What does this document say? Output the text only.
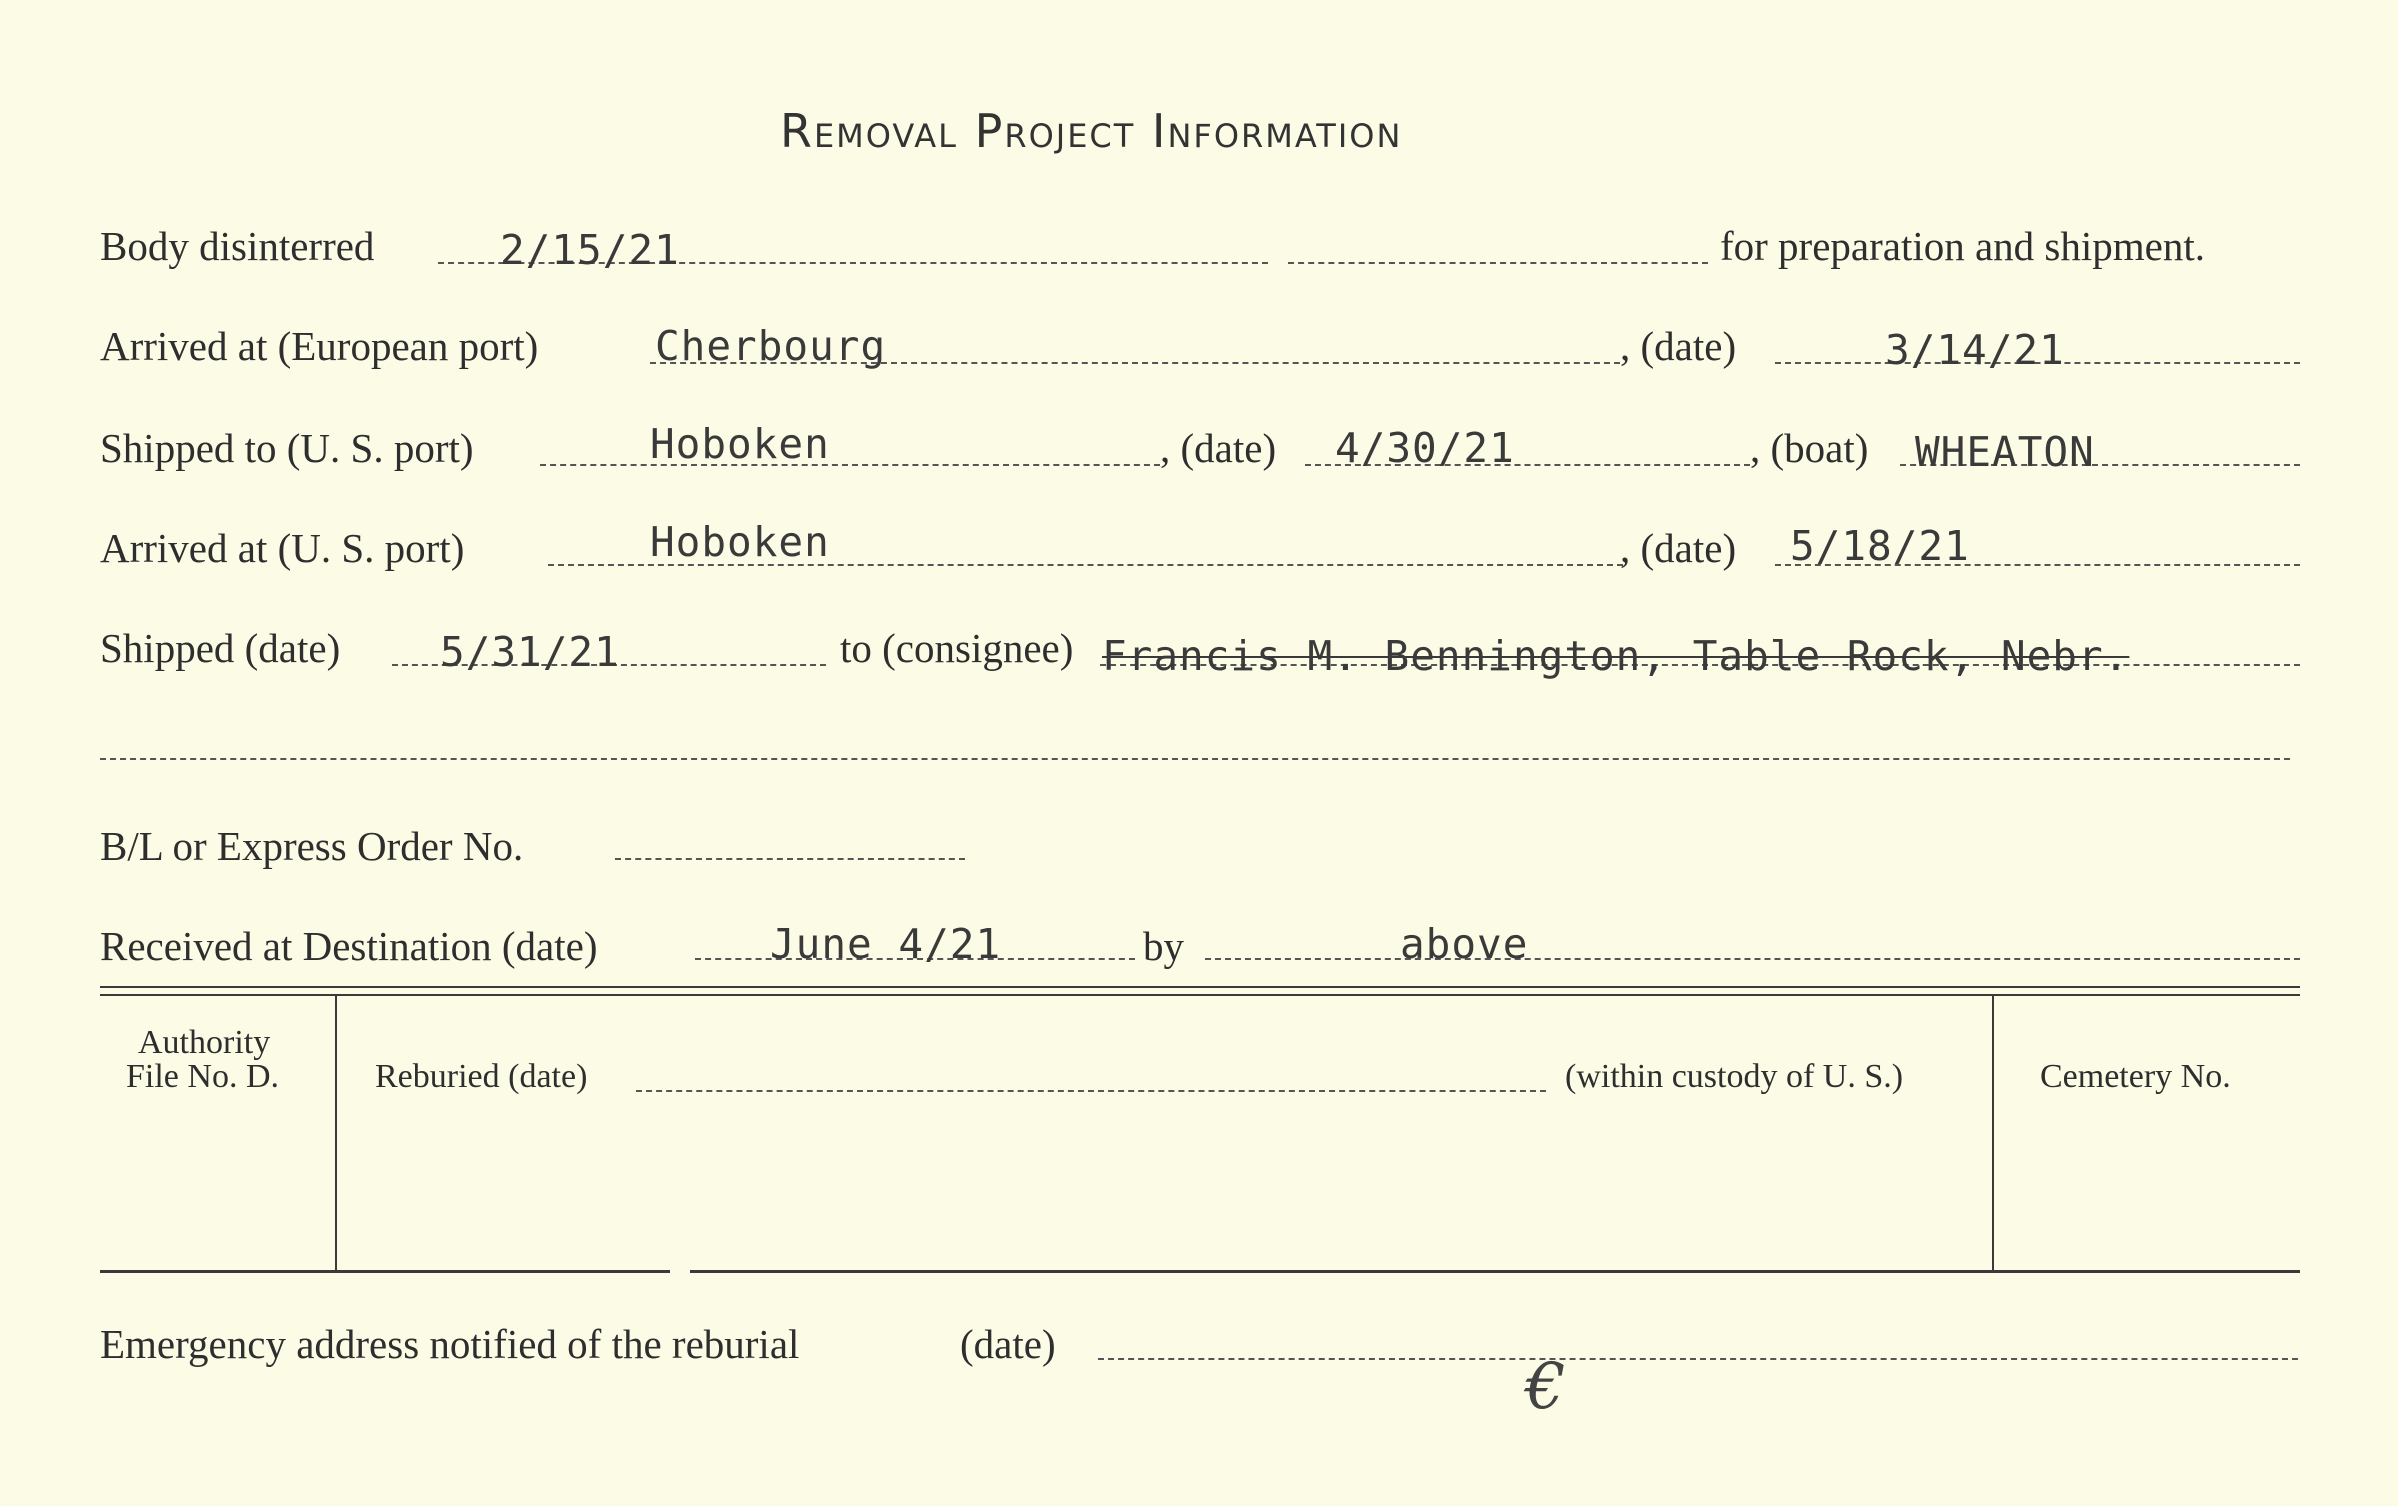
Removal Project Information
Body disinterred	2/15/21	for preparation and shipment.
Arrived at (European port)	Cherbourg	, (date)	3/14/21
Shipped to (U. S. port)	Hoboken	, (date) 4/30/21	, (boat) WHEATON
Arrived at (U. S. port)	Hoboken	, (date) 5/18/21
Shipped (date) 5/31/21	to (consignee) Francis M. Bennington, Table Rock, Nebr.
B/L or Express Order No.
Received at Destination (date)	June 4/21	by	above
Authority
File No. D.	Reburied (date)	(within custody of U. S.)	Cemetery No.
Emergency address notified of the reburial	(date)
€
